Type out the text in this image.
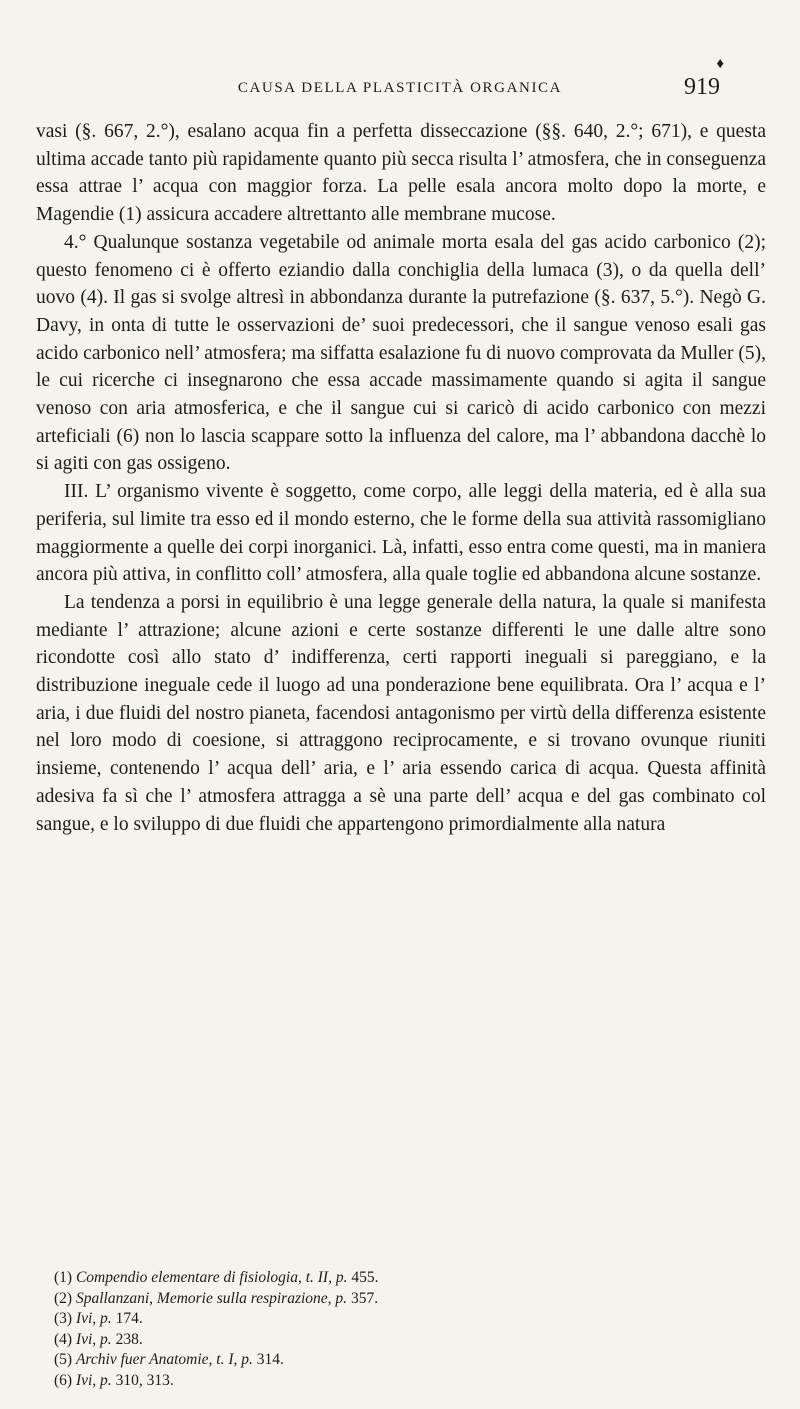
CAUSA DELLA PLASTICITÀ ORGANICA	919
♦

vasi (§. 667, 2.°), esalano acqua fin a perfetta disseccazione (§§. 640, 2.°; 671), e questa ultima accade tanto più rapidamente quanto più secca risulta l’ atmosfera, che in conseguenza essa attrae l’ acqua con maggior forza. La pelle esala ancora molto dopo la morte, e Magendie (1) assicura accadere altrettanto alle membrane mucose.

4.° Qualunque sostanza vegetabile od animale morta esala del gas acido carbonico (2); questo fenomeno ci è offerto eziandio dalla conchiglia della lumaca (3), o da quella dell’ uovo (4). Il gas si svolge altresì in abbondanza durante la putrefazione (§. 637, 5.°). Negò G. Davy, in onta di tutte le osservazioni de’ suoi predecessori, che il sangue venoso esali gas acido carbonico nell’ atmosfera; ma siffatta esalazione fu di nuovo comprovata da Muller (5), le cui ricerche ci insegnarono che essa accade massimamente quando si agita il sangue venoso con aria atmosferica, e che il sangue cui si caricò di acido carbonico con mezzi arteficiali (6) non lo lascia scappare sotto la influenza del calore, ma l’ abbandona dacchè lo si agiti con gas ossigeno.

III. L’ organismo vivente è soggetto, come corpo, alle leggi della materia, ed è alla sua periferia, sul limite tra esso ed il mondo esterno, che le forme della sua attività rassomigliano maggiormente a quelle dei corpi inorganici. Là, infatti, esso entra come questi, ma in maniera ancora più attiva, in conflitto coll’ atmosfera, alla quale toglie ed abbandona alcune sostanze.

La tendenza a porsi in equilibrio è una legge generale della natura, la quale si manifesta mediante l’ attrazione; alcune azioni e certe sostanze differenti le une dalle altre sono ricondotte così allo stato d’ indifferenza, certi rapporti ineguali si pareggiano, e la distribuzione ineguale cede il luogo ad una ponderazione bene equilibrata. Ora l’ acqua e l’ aria, i due fluidi del nostro pianeta, facendosi antagonismo per virtù della differenza esistente nel loro modo di coesione, si attraggono reciprocamente, e si trovano ovunque riuniti insieme, contenendo l’ acqua dell’ aria, e l’ aria essendo carica di acqua. Questa affinità adesiva fa sì che l’ atmosfera attragga a sè una parte dell’ acqua e del gas combinato col sangue, e lo sviluppo di due fluidi che appartengono primordialmente alla natura

(1) Compendio elementare di fisiologia, t. II, p. 455.
(2) Spallanzani, Memorie sulla respirazione, p. 357.
(3) Ivi, p. 174.
(4) Ivi, p. 238.
(5) Archiv fuer Anatomie, t. I, p. 314.
(6) Ivi, p. 310, 313.
